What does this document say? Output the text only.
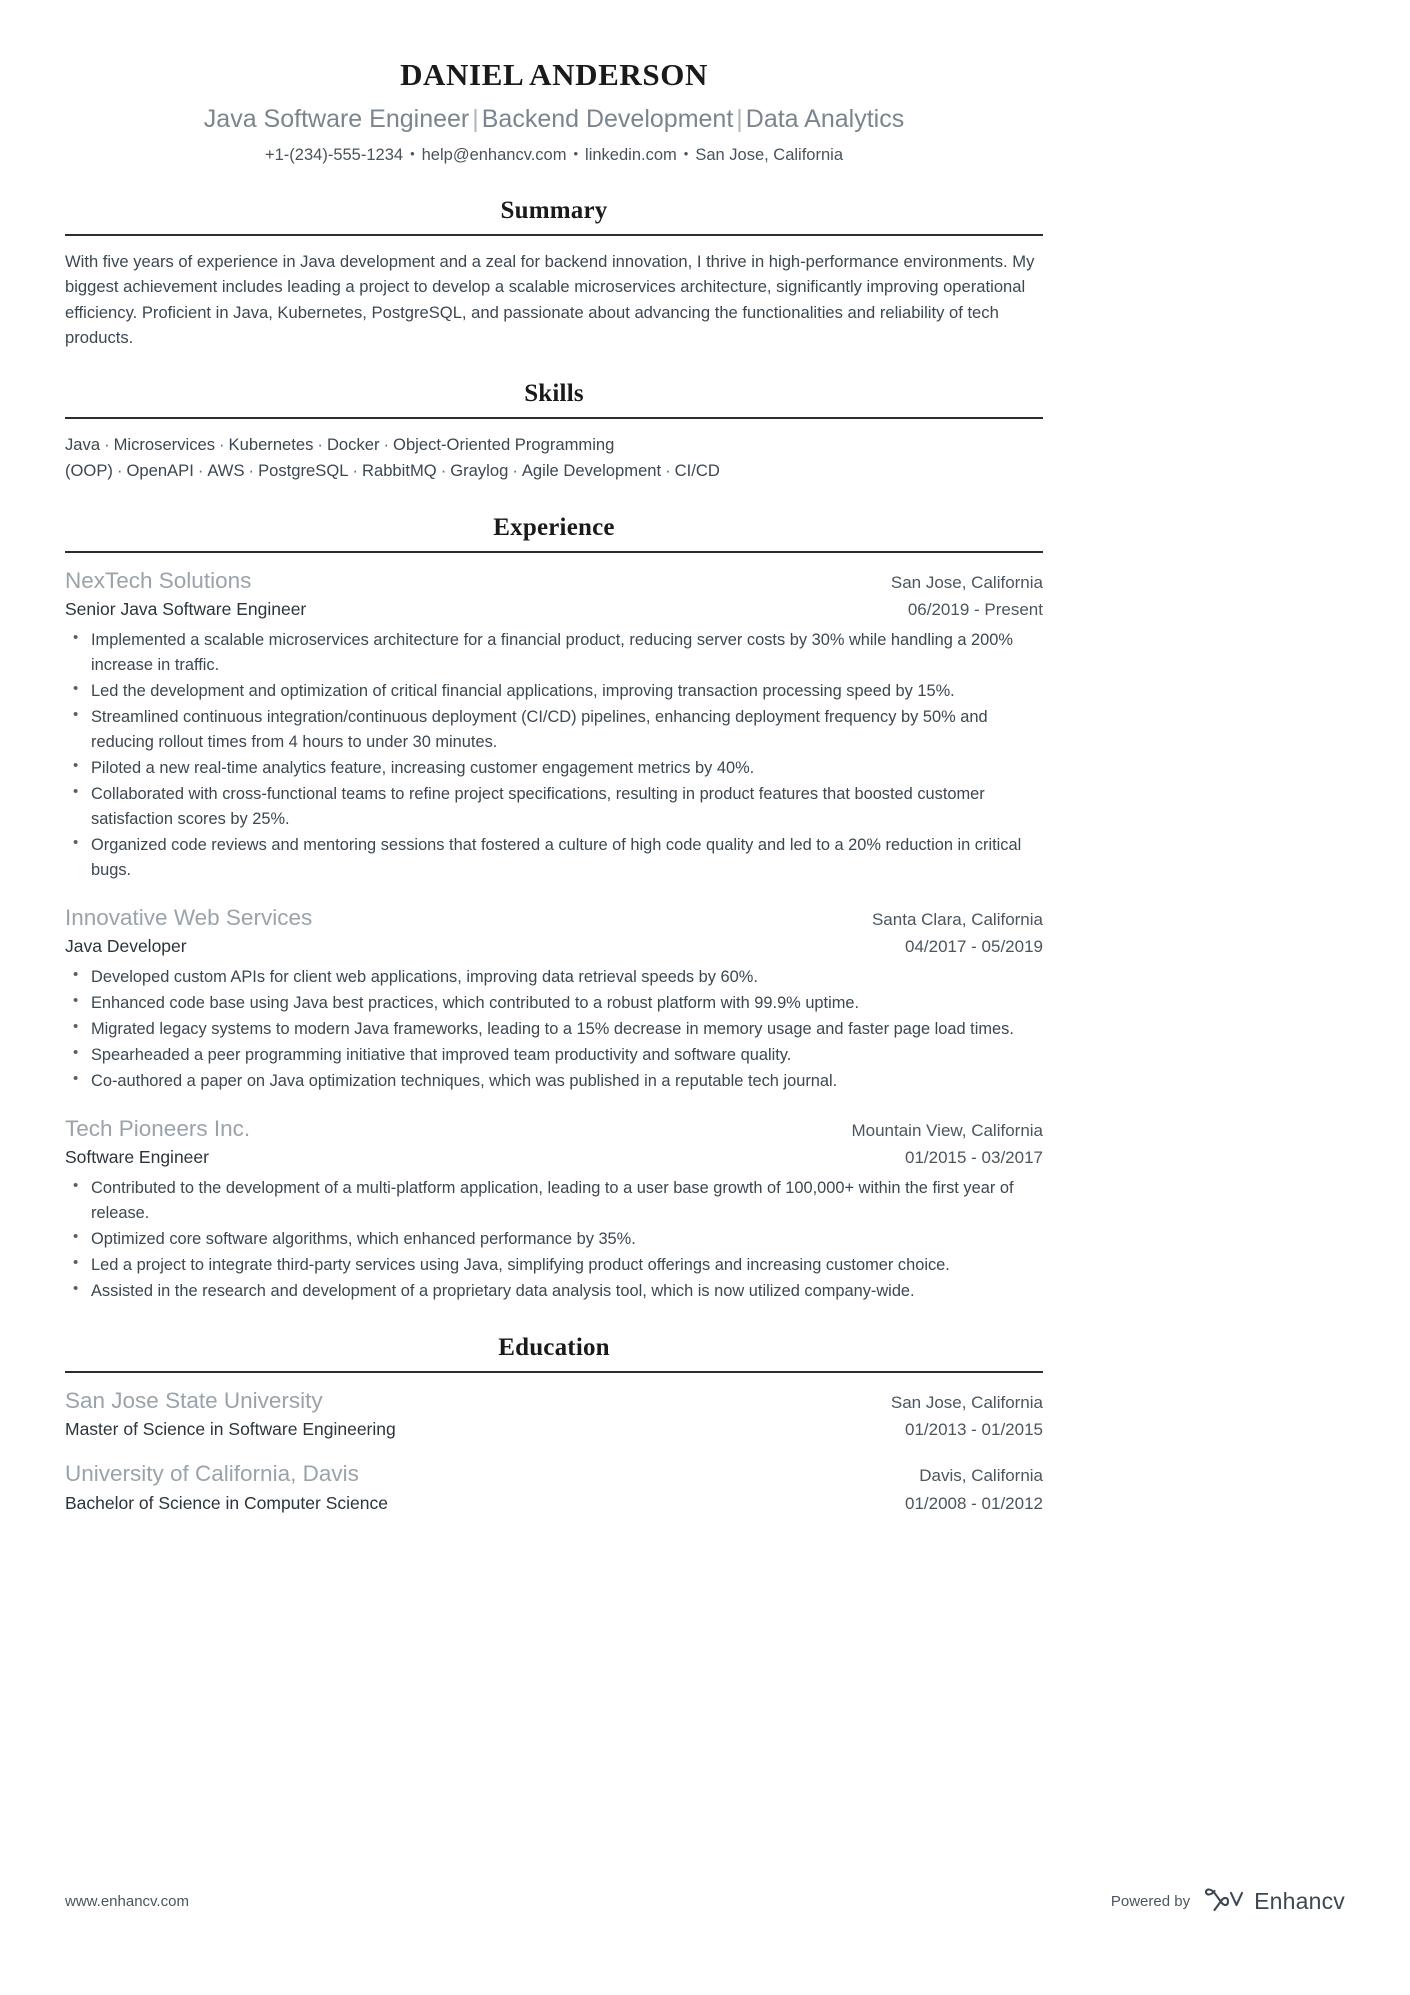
DANIEL ANDERSON
Java Software Engineer | Backend Development | Data Analytics
+1-(234)-555-1234 • help@enhancv.com • linkedin.com • San Jose, California
Summary
With five years of experience in Java development and a zeal for backend innovation, I thrive in high-performance environments. My biggest achievement includes leading a project to develop a scalable microservices architecture, significantly improving operational efficiency. Proficient in Java, Kubernetes, PostgreSQL, and passionate about advancing the functionalities and reliability of tech products.
Skills
Java · Microservices · Kubernetes · Docker · Object-Oriented Programming (OOP) · OpenAPI · AWS · PostgreSQL · RabbitMQ · Graylog · Agile Development · CI/CD
Experience
NexTech Solutions	San Jose, California
Senior Java Software Engineer	06/2019 - Present
• Implemented a scalable microservices architecture for a financial product, reducing server costs by 30% while handling a 200% increase in traffic.
• Led the development and optimization of critical financial applications, improving transaction processing speed by 15%.
• Streamlined continuous integration/continuous deployment (CI/CD) pipelines, enhancing deployment frequency by 50% and reducing rollout times from 4 hours to under 30 minutes.
• Piloted a new real-time analytics feature, increasing customer engagement metrics by 40%.
• Collaborated with cross-functional teams to refine project specifications, resulting in product features that boosted customer satisfaction scores by 25%.
• Organized code reviews and mentoring sessions that fostered a culture of high code quality and led to a 20% reduction in critical bugs.
Innovative Web Services	Santa Clara, California
Java Developer	04/2017 - 05/2019
• Developed custom APIs for client web applications, improving data retrieval speeds by 60%.
• Enhanced code base using Java best practices, which contributed to a robust platform with 99.9% uptime.
• Migrated legacy systems to modern Java frameworks, leading to a 15% decrease in memory usage and faster page load times.
• Spearheaded a peer programming initiative that improved team productivity and software quality.
• Co-authored a paper on Java optimization techniques, which was published in a reputable tech journal.
Tech Pioneers Inc.	Mountain View, California
Software Engineer	01/2015 - 03/2017
• Contributed to the development of a multi-platform application, leading to a user base growth of 100,000+ within the first year of release.
• Optimized core software algorithms, which enhanced performance by 35%.
• Led a project to integrate third-party services using Java, simplifying product offerings and increasing customer choice.
• Assisted in the research and development of a proprietary data analysis tool, which is now utilized company-wide.
Education
San Jose State University	San Jose, California
Master of Science in Software Engineering	01/2013 - 01/2015
University of California, Davis	Davis, California
Bachelor of Science in Computer Science	01/2008 - 01/2012
www.enhancv.com	Powered by	Enhancv
